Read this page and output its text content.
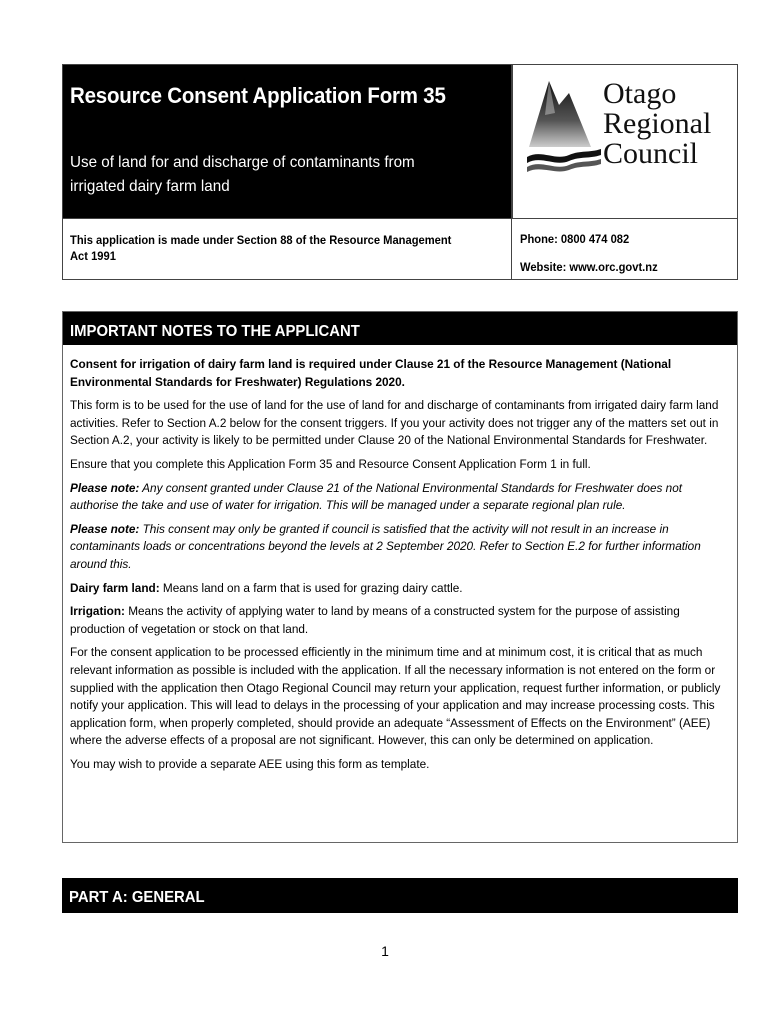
Resource Consent Application Form 35
Use of land for and discharge of contaminants from
irrigated dairy farm land
Otago
Regional
Council
This application is made under Section 88 of the Resource Management Act 1991
Phone: 0800 474 082
Website: www.orc.govt.nz
IMPORTANT NOTES TO THE APPLICANT

Consent for irrigation of dairy farm land is required under Clause 21 of the Resource Management (National Environmental Standards for Freshwater) Regulations 2020.

This form is to be used for the use of land for the use of land for and discharge of contaminants from irrigated dairy farm land activities. Refer to Section A.2 below for the consent triggers. If you your activity does not trigger any of the matters set out in Section A.2, your activity is likely to be permitted under Clause 20 of the National Environmental Standards for Freshwater.

Ensure that you complete this Application Form 35 and Resource Consent Application Form 1 in full.

Please note: Any consent granted under Clause 21 of the National Environmental Standards for Freshwater does not authorise the take and use of water for irrigation. This will be managed under a separate regional plan rule.

Please note: This consent may only be granted if council is satisfied that the activity will not result in an increase in contaminants loads or concentrations beyond the levels at 2 September 2020. Refer to Section E.2 for further information around this.

Dairy farm land: Means land on a farm that is used for grazing dairy cattle.

Irrigation: Means the activity of applying water to land by means of a constructed system for the purpose of assisting production of vegetation or stock on that land.

For the consent application to be processed efficiently in the minimum time and at minimum cost, it is critical that as much relevant information as possible is included with the application. If all the necessary information is not entered on the form or supplied with the application then Otago Regional Council may return your application, request further information, or publicly notify your application. This will lead to delays in the processing of your application and may increase processing costs. This application form, when properly completed, should provide an adequate “Assessment of Effects on the Environment” (AEE) where the adverse effects of a proposal are not significant. However, this can only be determined on application.

You may wish to provide a separate AEE using this form as template.

PART A: GENERAL
1
